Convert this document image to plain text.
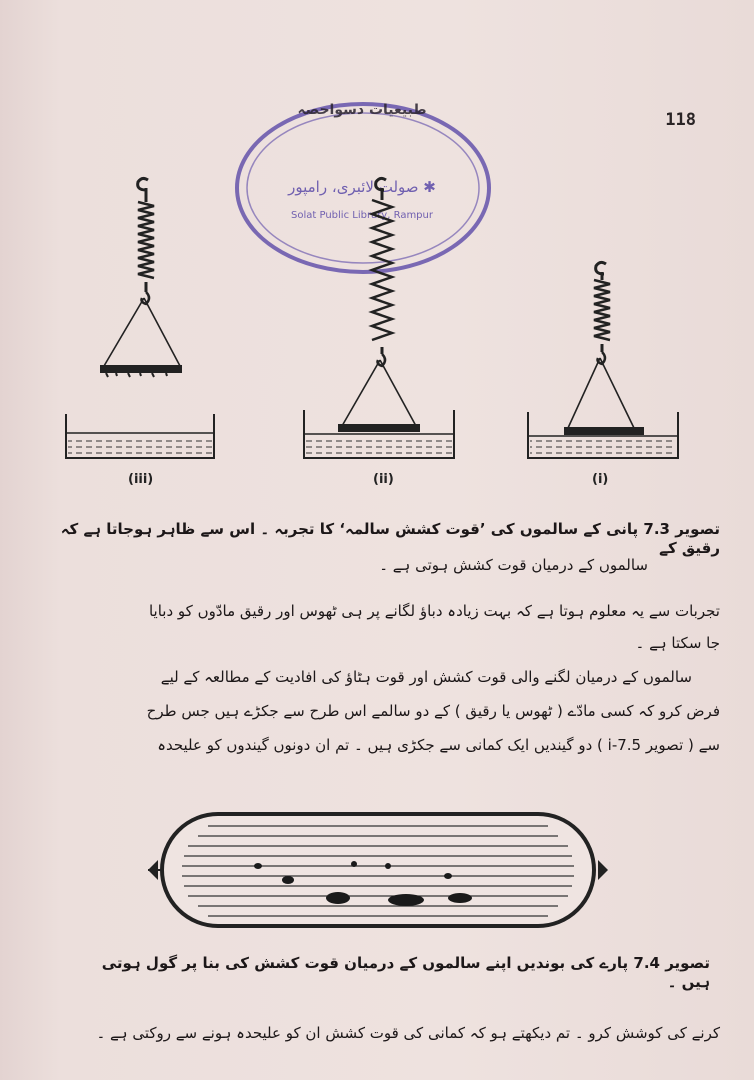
118
طبیعیات دسواحصہ
✱ صولت لائبری، رامپور
Solat Public Library, Rampur
(iii)	(ii)	(i)
تصویر 7.3 پانی کے سالموں کی ’قوت کشش سالمہ‘ کا تجربہ ۔ اس سے ظاہر ہوجاتا ہے کہ رقیق کے
سالموں کے درمیان قوت کشش ہوتی ہے ۔
تجربات سے یہ معلوم ہوتا ہے کہ بہت زیادہ دباؤ لگانے پر ہی ٹھوس اور رقیق مادّوں کو دبایا
جا سکتا ہے ۔
سالموں کے درمیان لگنے والی قوت کشش اور قوت ہٹاؤ کی افادیت کے مطالعہ کے لیے
فرض کرو کہ کسی مادّے ( ٹھوس یا رقیق ) کے دو سالمے اس طرح سے جکڑے ہیں جس طرح
سے ( تصویر 7.5-i ) دو گیندیں ایک کمانی سے جکڑی ہیں ۔ تم ان دونوں گیندوں کو علیحدہ
تصویر 7.4 پارے کی بوندیں اپنے سالموں کے درمیان قوت کشش کی بنا پر گول ہوتی ہیں ۔
کرنے کی کوشش کرو ۔ تم دیکھتے ہو کہ کمانی کی قوت کشش ان کو علیحدہ ہونے سے روکتی ہے ۔
